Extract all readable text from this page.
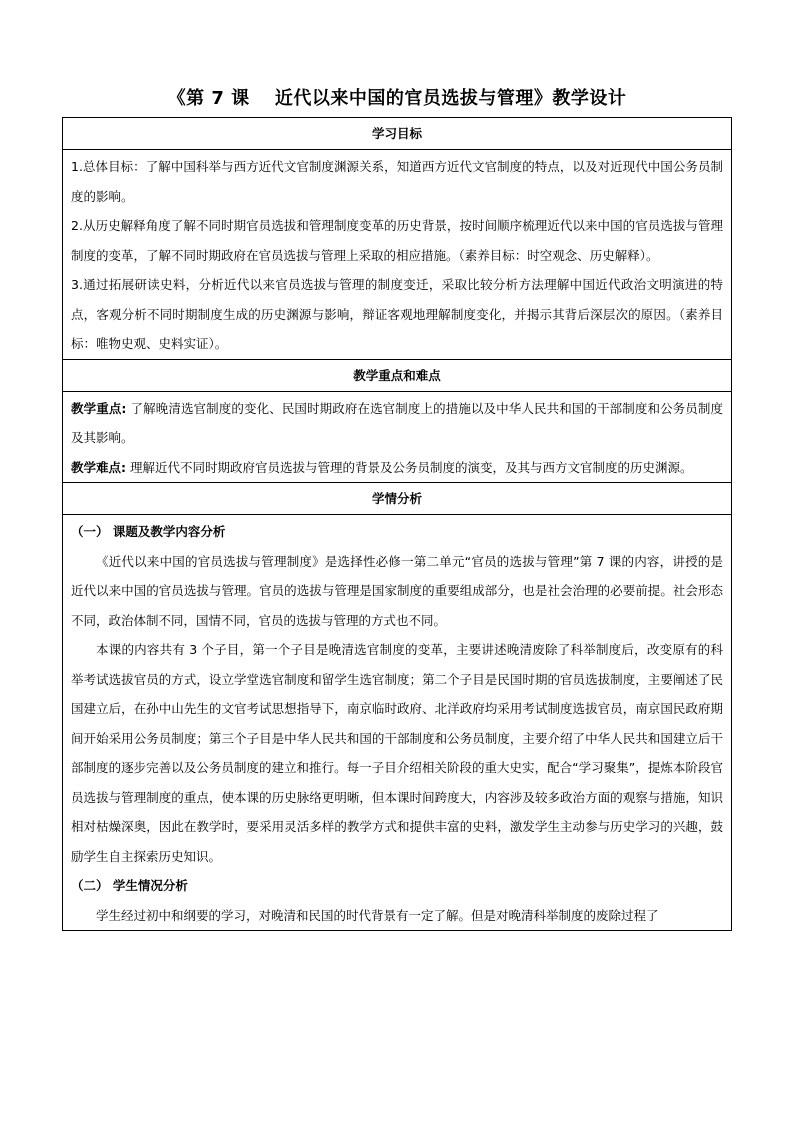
《第 7 课　 近代以来中国的官员选拔与管理》教学设计
学习目标

1.总体目标：了解中国科举与西方近代文官制度渊源关系，知道西方近代文官制度的特点，以及对近现代中国公务员制度的影响。

2.从历史解释角度了解不同时期官员选拔和管理制度变革的历史背景，按时间顺序梳理近代以来中国的官员选拔与管理制度的变革，了解不同时期政府在官员选拔与管理上采取的相应措施。（素养目标：时空观念、历史解释）。

3.通过拓展研读史料，分析近代以来官员选拔与管理的制度变迁，采取比较分析方法理解中国近代政治文明演进的特点，客观分析不同时期制度生成的历史渊源与影响，辩证客观地理解制度变化，并揭示其背后深层次的原因。（素养目标：唯物史观、史料实证）。

教学重点和难点

教学重点: 了解晚清选官制度的变化、民国时期政府在选官制度上的措施以及中华人民共和国的干部制度和公务员制度及其影响。

教学难点: 理解近代不同时期政府官员选拔与管理的背景及公务员制度的演变，及其与西方文官制度的历史渊源。

学情分析

（一） 课题及教学内容分析

《近代以来中国的官员选拔与管理制度》是选择性必修一第二单元“官员的选拔与管理”第 7 课的内容，讲授的是近代以来中国的官员选拔与管理。官员的选拔与管理是国家制度的重要组成部分，也是社会治理的必要前提。社会形态不同，政治体制不同，国情不同，官员的选拔与管理的方式也不同。

本课的内容共有 3 个子目，第一个子目是晚清选官制度的变革，主要讲述晚清废除了科举制度后，改变原有的科举考试选拔官员的方式，设立学堂选官制度和留学生选官制度；第二个子目是民国时期的官员选拔制度，主要阐述了民国建立后，在孙中山先生的文官考试思想指导下，南京临时政府、北洋政府均采用考试制度选拔官员，南京国民政府期间开始采用公务员制度；第三个子目是中华人民共和国的干部制度和公务员制度，主要介绍了中华人民共和国建立后干部制度的逐步完善以及公务员制度的建立和推行。每一子目介绍相关阶段的重大史实，配合“学习聚集”，提炼本阶段官员选拔与管理制度的重点，使本课的历史脉络更明晰，但本课时间跨度大，内容涉及较多政治方面的观察与措施，知识相对枯燥深奥，因此在教学时，要采用灵活多样的教学方式和提供丰富的史料，激发学生主动参与历史学习的兴趣，鼓励学生自主探索历史知识。

（二） 学生情况分析

学生经过初中和纲要的学习，对晚清和民国的时代背景有一定了解。但是对晚清科举制度的废除过程了
